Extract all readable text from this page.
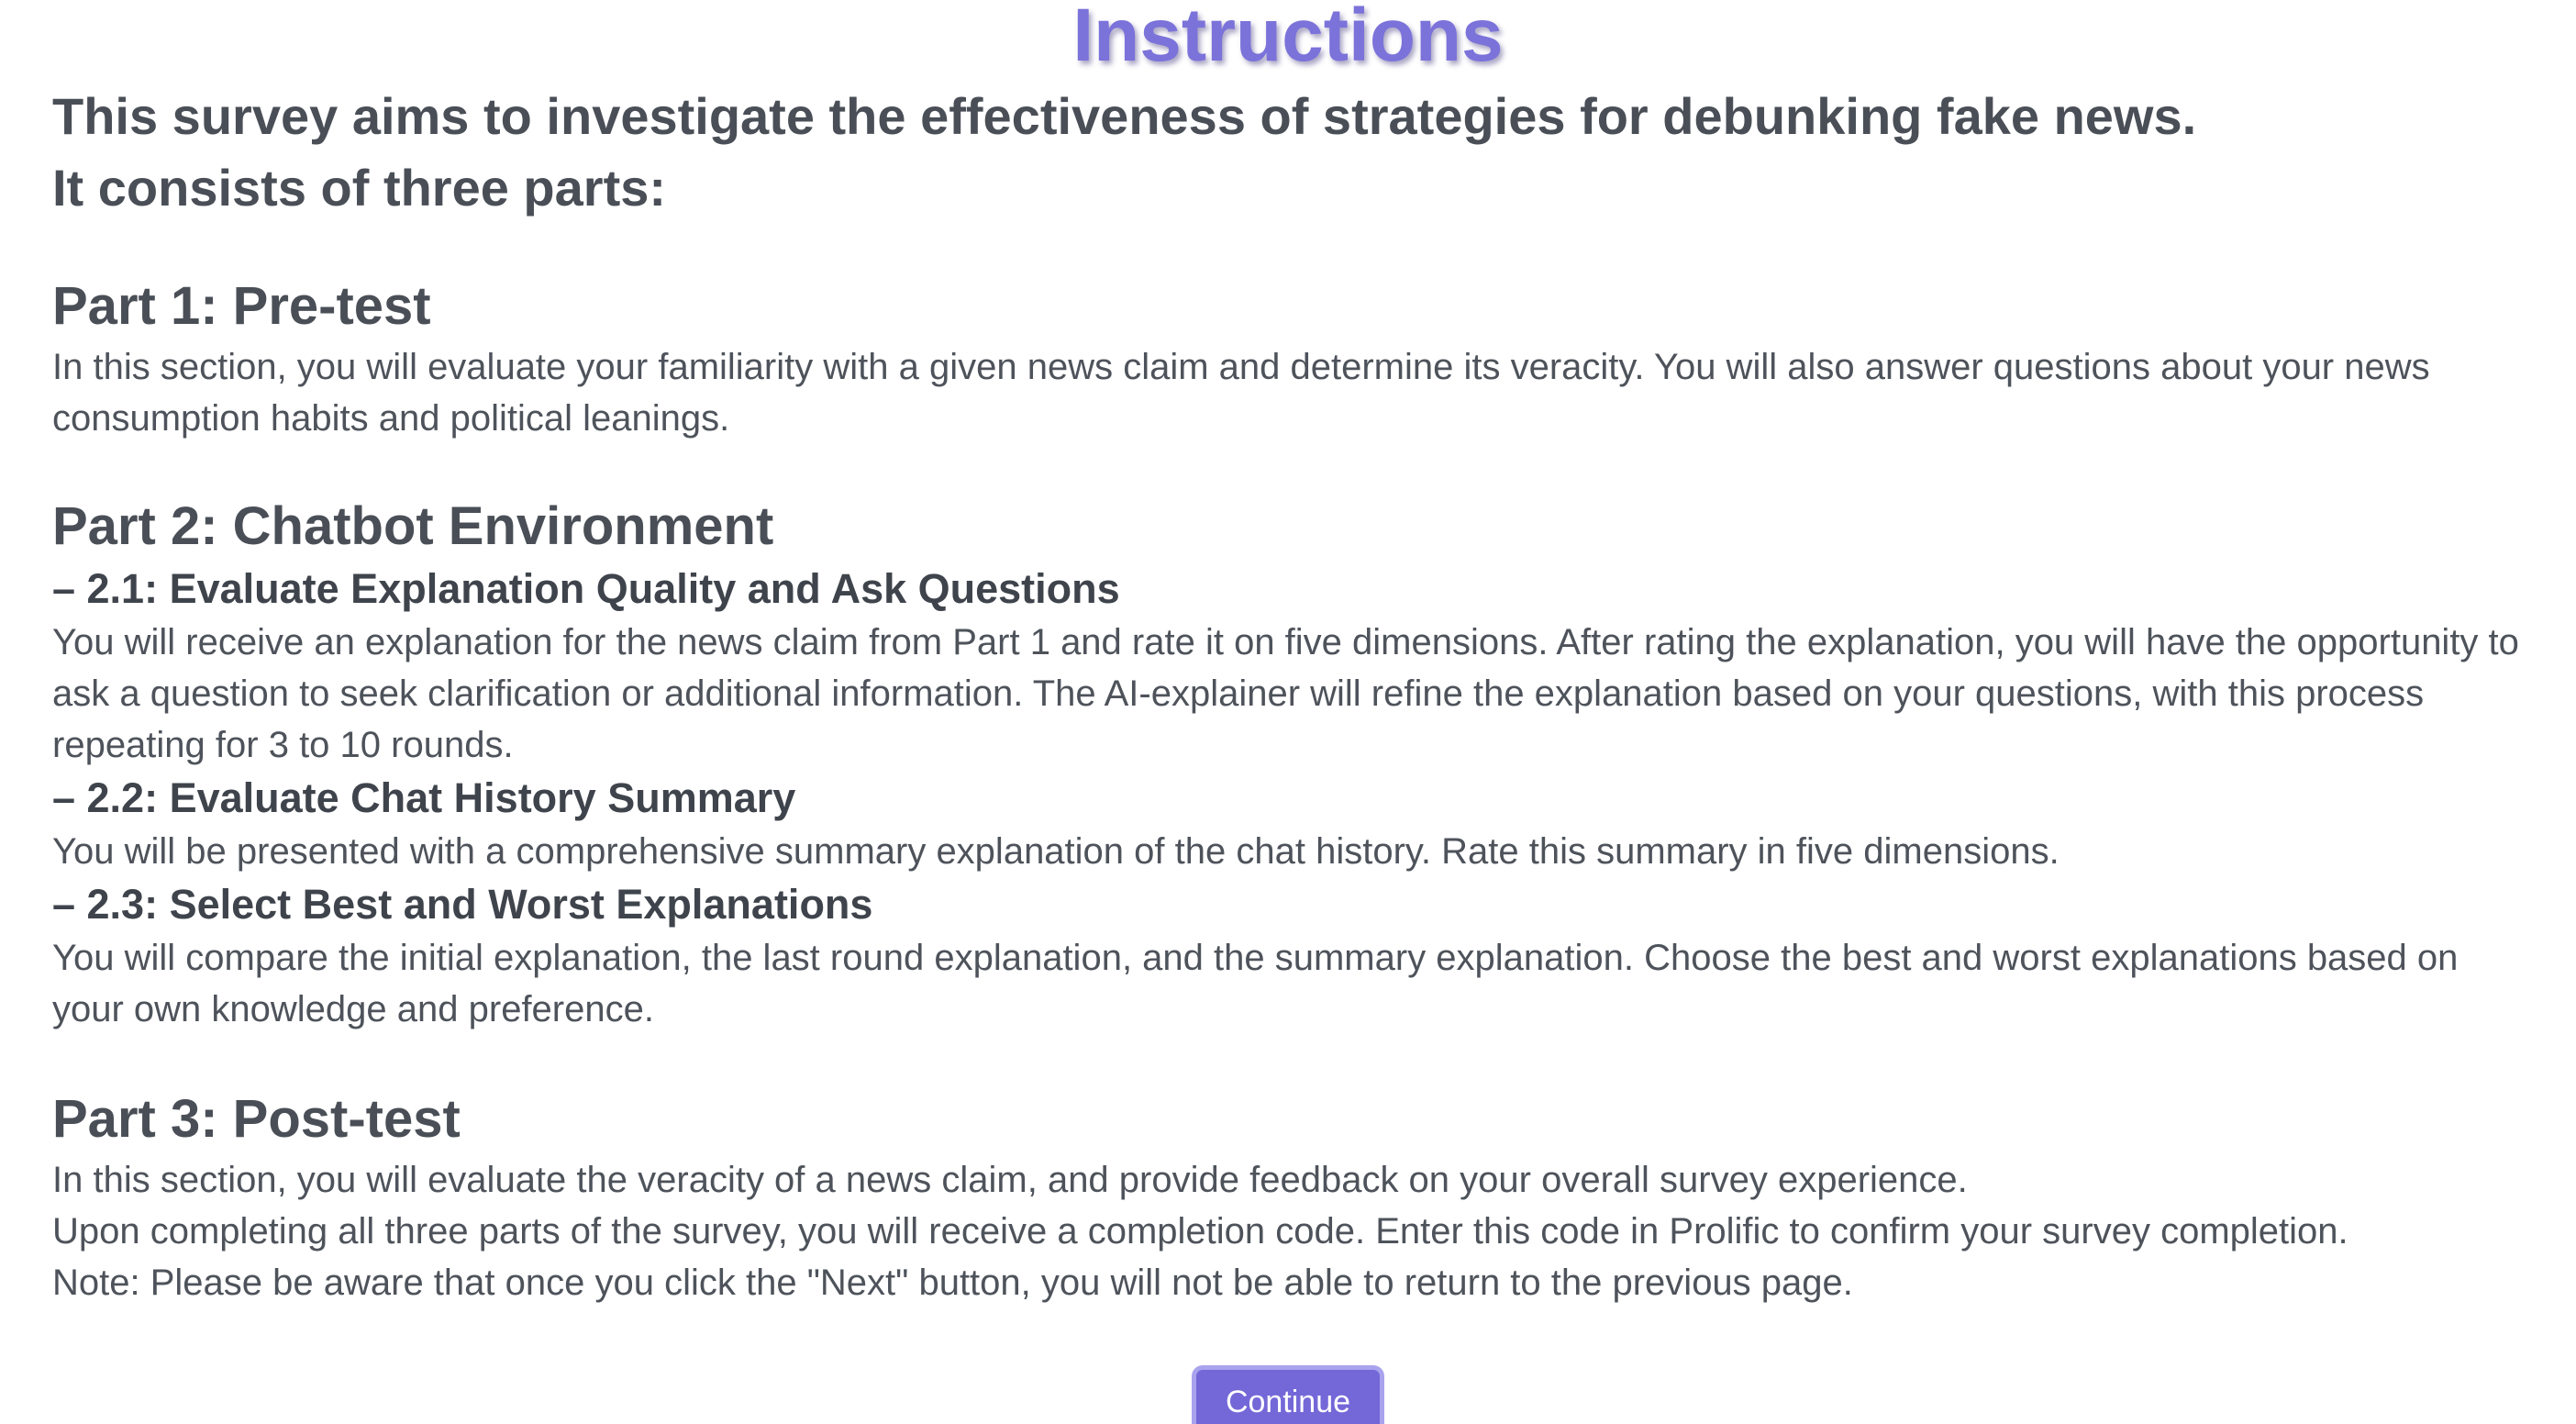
Instructions

This survey aims to investigate the effectiveness of strategies for debunking fake news.

It consists of three parts:

Part 1: Pre-test

In this section, you will evaluate your familiarity with a given news claim and determine its veracity. You will also answer questions about your news consumption habits and political leanings.

Part 2: Chatbot Environment
– 2.1: Evaluate Explanation Quality and Ask Questions

You will receive an explanation for the news claim from Part 1 and rate it on five dimensions. After rating the explanation, you will have the opportunity to ask a question to seek clarification or additional information. The AI-explainer will refine the explanation based on your questions, with this process repeating for 3 to 10 rounds.

– 2.2: Evaluate Chat History Summary

You will be presented with a comprehensive summary explanation of the chat history. Rate this summary in five dimensions.

– 2.3: Select Best and Worst Explanations

You will compare the initial explanation, the last round explanation, and the summary explanation. Choose the best and worst explanations based on your own knowledge and preference.

Part 3: Post-test

In this section, you will evaluate the veracity of a news claim, and provide feedback on your overall survey experience.

Upon completing all three parts of the survey, you will receive a completion code. Enter this code in Prolific to confirm your survey completion.

Note: Please be aware that once you click the "Next" button, you will not be able to return to the previous page.

Continue
